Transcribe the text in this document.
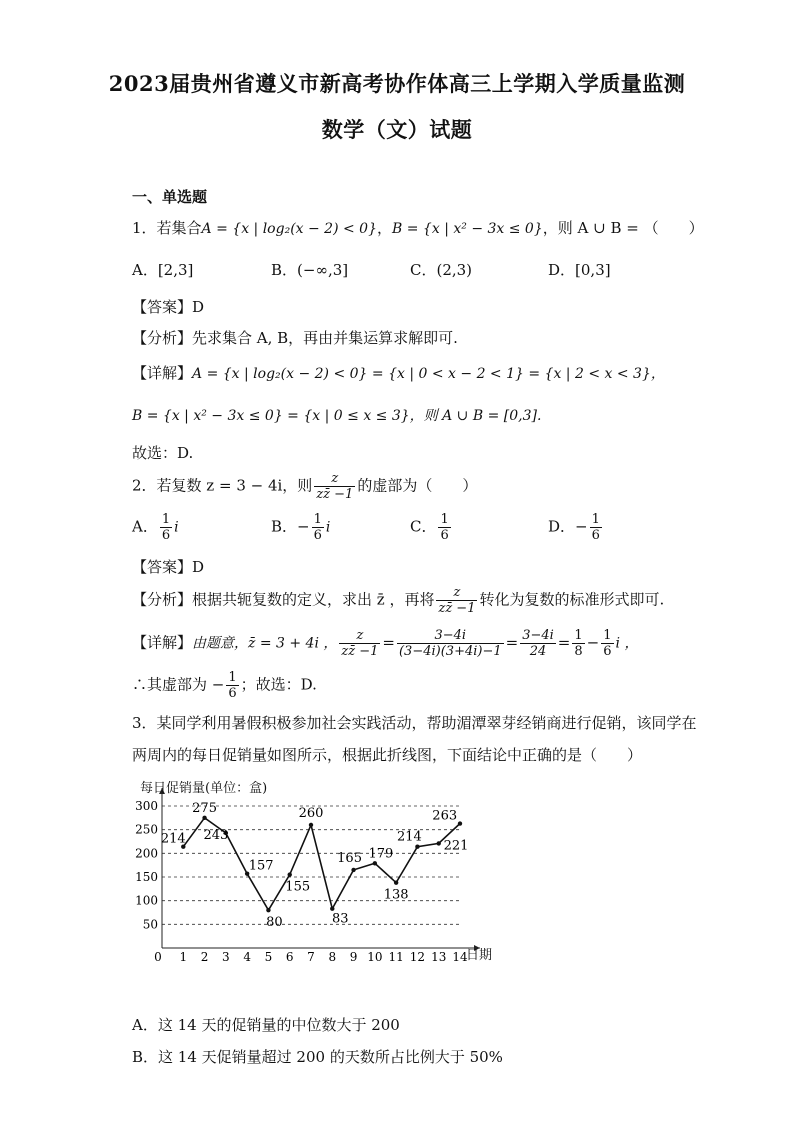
2023届贵州省遵义市新高考协作体高三上学期入学质量监测
数学（文）试题
一、单选题
1．若集合A = {x | log₂(x − 2) < 0}，B = {x | x² − 3x ≤ 0}，则 A ∪ B = （　　）
A．[2,3]	B．(−∞,3]	C．(2,3)	D．[0,3]
【答案】D
【分析】先求集合 A, B，再由并集运算求解即可.
【详解】A = {x | log₂(x − 2) < 0} = {x | 0 < x − 2 < 1} = {x | 2 < x < 3}，
B = {x | x² − 3x ≤ 0} = {x | 0 ≤ x ≤ 3}，则 A ∪ B = [0,3].
故选：D.
2．若复数 z = 3 − 4i，则 $\frac{z}{zz̄ -1}$ 的虚部为（　　）
A． $\frac{1}{6}$ i	B．− $\frac{1}{6}$ i	C． $\frac{1}{6}$	D．− $\frac{1}{6}$
【答案】D
【分析】根据共轭复数的定义，求出 z̄ ，再将 $\frac{z}{zz̄ -1}$ 转化为复数的标准形式即可.
【详解】由题意，z̄ = 3 + 4i ， $\frac{z}{zz̄ -1} = \frac{3-4i}{(3-4i)(3+4i)-1} = \frac{3-4i}{24} = \frac{1}{8} - \frac{1}{6}$ i ，
∴其虚部为 − $\frac{1}{6}$ ；故选：D.
3．某同学利用暑假积极参加社会实践活动，帮助湄潭翠芽经销商进行促销，该同学在
两周内的每日促销量如图所示，根据此折线图，下面结论中正确的是（　　）
每日促销量(单位：盒)
日期
50
100
150
200
250
300
0 1 2 3 4 5 6 7 8 9 10 11 12 13 14
214
275
243
157
80
155
260
83
165 179
138
214
263
221
A．这 14 天的促销量的中位数大于 200
B．这 14 天促销量超过 200 的天数所占比例大于 50%
